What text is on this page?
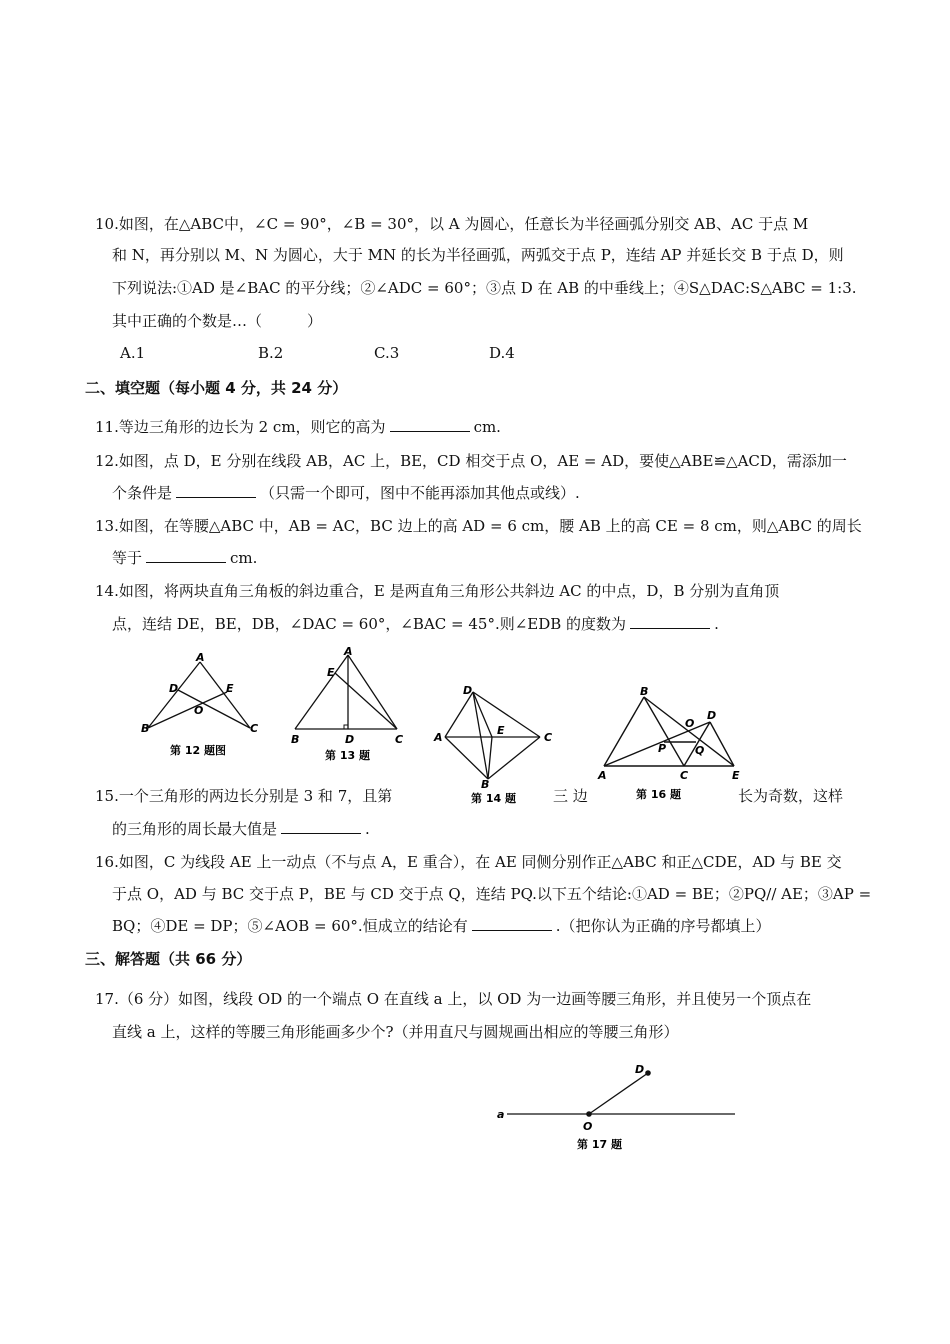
10.如图，在△ABC中，∠C = 90°，∠B = 30°，以 A 为圆心，任意长为半径画弧分别交 AB、AC 于点 M
和 N，再分别以 M、N 为圆心，大于 MN 的长为半径画弧，两弧交于点 P，连结 AP 并延长交 B 于点 D，则
下列说法:①AD 是∠BAC 的平分线；②∠ADC = 60°；③点 D 在 AB 的中垂线上；④S△DAC:S△ABC = 1:3.
其中正确的个数是…（　　　）
A.1	B.2	C.3	D.4
二、填空题（每小题 4 分，共 24 分）
11.等边三角形的边长为 2 cm，则它的高为	cm.
12.如图，点 D，E 分别在线段 AB，AC 上，BE，CD 相交于点 O，AE = AD，要使△ABE≌△ACD，需添加一
个条件是	（只需一个即可，图中不能再添加其他点或线）.
13.如图，在等腰△ABC 中，AB = AC，BC 边上的高 AD = 6 cm，腰 AB 上的高 CE = 8 cm，则△ABC 的周长
等于	cm.
14.如图，将两块直角三角板的斜边重合，E 是两直角三角形公共斜边 AC 的中点，D，B 分别为直角顶
点，连结 DE，BE，DB，∠DAC = 60°，∠BAC = 45°.则∠EDB 的度数为	.
A
D	E
O
B	C
第 12 题图
A
E
B	D	C
第 13 题
D
A
E
C
B
第 14 题
B
O
D
P	Q
A	C	E
第 16 题
15.一个三角形的两边长分别是 3 和 7，且第	三 边	长为奇数，这样
的三角形的周长最大值是	.
16.如图，C 为线段 AE 上一动点（不与点 A，E 重合），在 AE 同侧分别作正△ABC 和正△CDE，AD 与 BE 交
于点 O，AD 与 BC 交于点 P，BE 与 CD 交于点 Q，连结 PQ.以下五个结论:①AD = BE；②PQ// AE；③AP =
BQ；④DE = DP；⑤∠AOB = 60°.恒成立的结论有	.（把你认为正确的序号都填上）
三、解答题（共 66 分）
17.（6 分）如图，线段 OD 的一个端点 O 在直线 a 上，以 OD 为一边画等腰三角形，并且使另一个顶点在
直线 a 上，这样的等腰三角形能画多少个?（并用直尺与圆规画出相应的等腰三角形）
D
a
O
第 17 题
